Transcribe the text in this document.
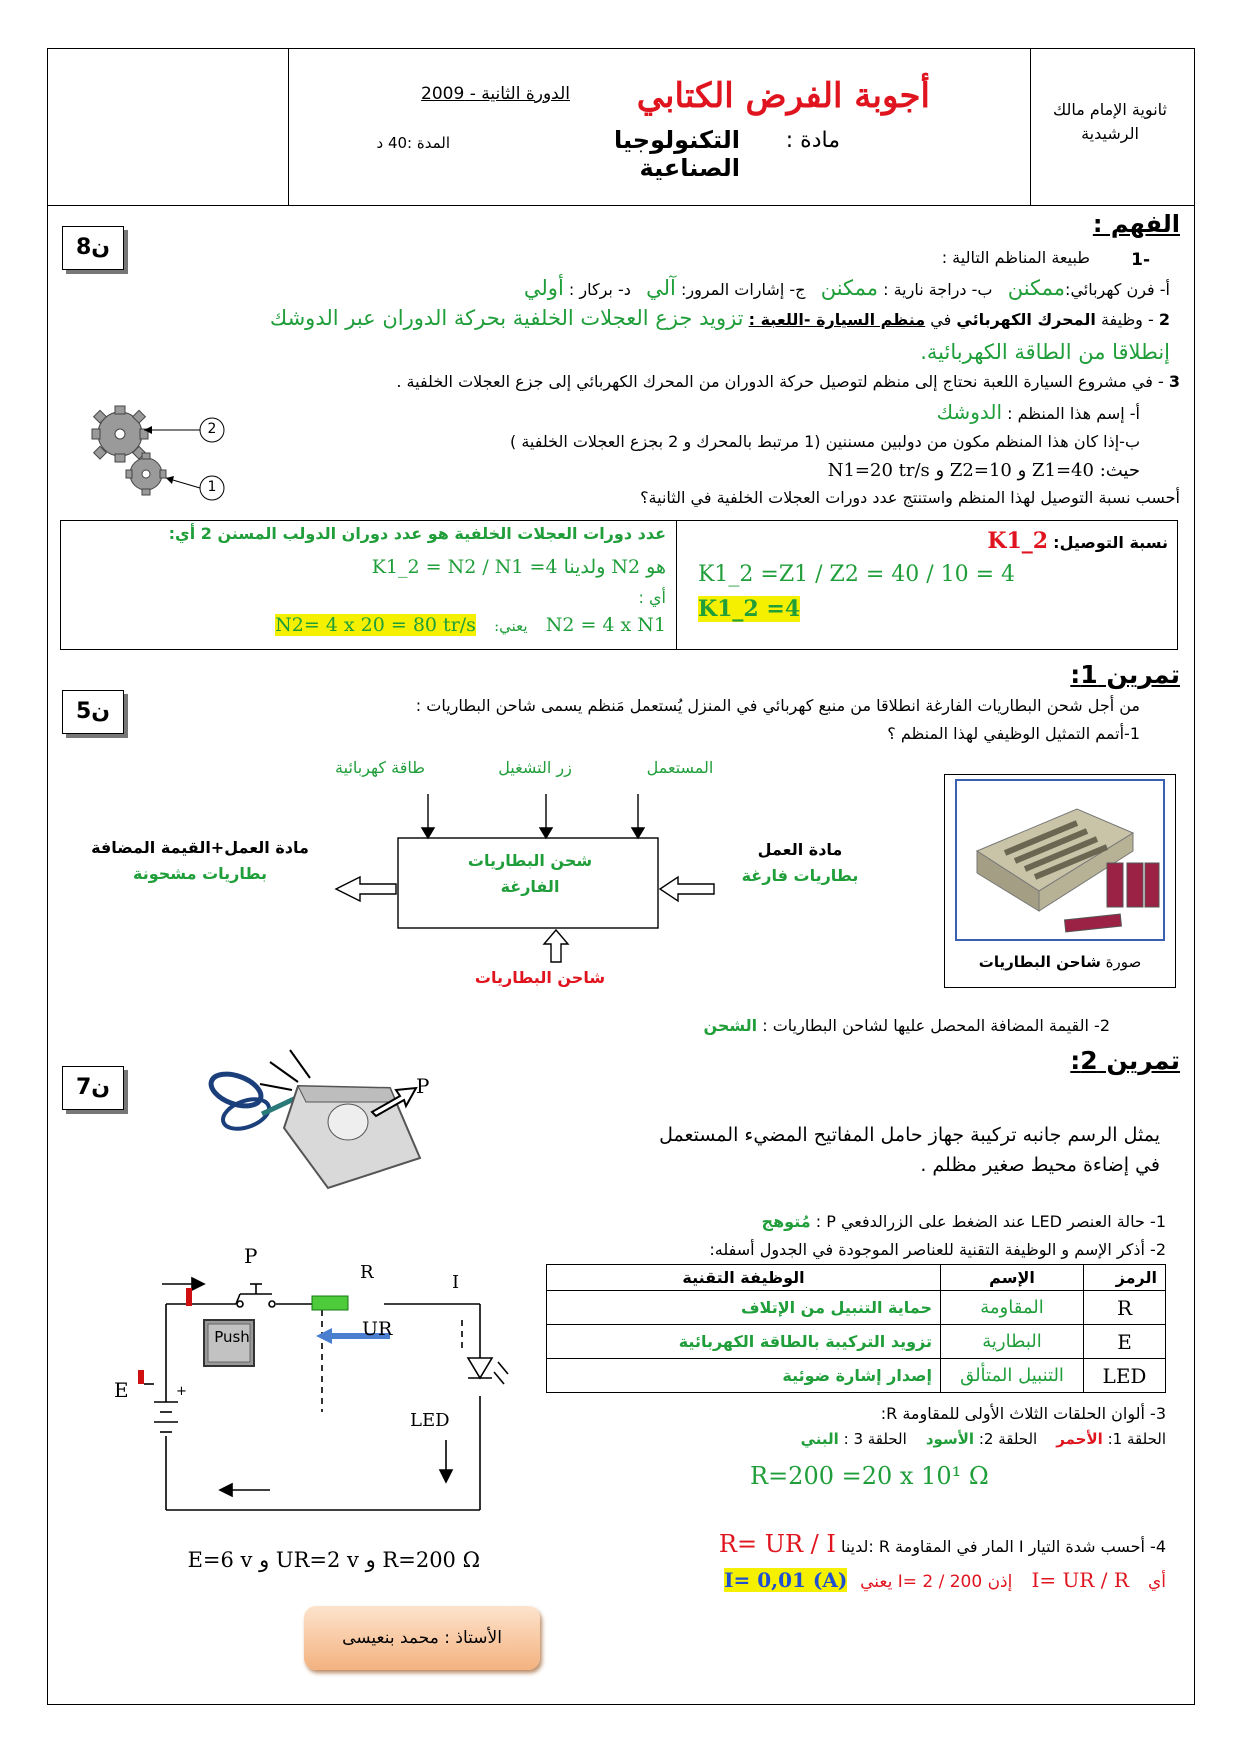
ثانوية الإمام مالك
الرشيدية
أجوبة الفرض الكتابي
الدورة الثانية - 2009
مادة :
التكنولوجيا الصناعية
المدة :40 د
الفهم :
8ن	-1
طبيعة المناظم التالية :
أ- فرن كهربائي:ممكنن   ب- دراجة نارية : ممكنن   ج- إشارات المرور: آلي   د- بركار : أولي
2 - وظيفة المحرك الكهربائي في منظم السيارة -اللعبة : تزويد جزع العجلات الخلفية بحركة الدوران عبر الدوشك
إنطلاقا من الطاقة الكهربائية.
3 - في مشروع السيارة اللعبة نحتاج إلى منظم لتوصيل حركة الدوران من المحرك الكهربائي إلى جزع العجلات الخلفية .
أ- إسم هذا المنظم : الدوشك
ب-إذا كان هذا المنظم مكون من دولبين مسننين (1 مرتبط بالمحرك و 2 بجزع العجلات الخلفية )
حيث: Z1=40 و Z2=10 و N1=20 tr/s
أحسب نسبة التوصيل لهذا المنظم واستنتج عدد دورات العجلات الخلفية في الثانية؟
2
1
نسبة التوصيل: K1_2
K1_2 =Z1 / Z2 = 40 / 10 = 4
K1_2 =4
عدد دورات العجلات الخلفية هو عدد دوران الدولب المسنن 2 أي:
هو N2 ولدينا 4= K1_2 = N2 / N1
أي :
N2 = 4 x N1   يعني:   N2= 4 x 20 = 80 tr/s
تمرين 1:
5ن	من أجل شحن البطاريات الفارغة انطلاقا من منبع كهربائي في المنزل يُستعمل مَنظم يسمى شاحن البطاريات :
1-أتمم التمثيل الوظيفي لهذا المنظم ؟
طاقة كهربائية	زر التشغيل	المستعمل
شحن البطاريات
الفارغة
مادة العمل+القيمة المضافة
بطاريات مشحونة
مادة العمل
بطاريات فارغة
شاحن البطاريات
صورة شاحن البطاريات
2- القيمة المضافة المحصل عليها لشاحن البطاريات : الشحن
تمرين 2:
7ن	P
يمثل الرسم جانبه تركيبة جهاز حامل المفاتيح المضيء المستعمل
في إضاءة محيط صغير مظلم .
1- حالة العنصر LED عند الضغط على الزرالدفعي P : مُتوهج
2- أذكر الإسم و الوظيفة التقنية للعناصر الموجودة في الجدول أسفله:
الرمز	الإسم	الوظيفة التقنية
R	المقاومة	حماية التنبيل من الإتلاف
E	البطارية	تزويد التركيبة بالطاقة الكهربائية
LED	التنبيل المتألق	إصدار إشارة ضوئية
3- ألوان الحلقات الثلاث الأولى للمقاومة R:
الحلقة 1: الأحمر    الحلقة 2: الأسود    الحلقة 3 : البني
R=200 =20 x 10¹ Ω
4- أحسب شدة التيار I المار في المقاومة R :لدينا R= UR / I
أي   I= UR / R   إذن I= 2 / 200 يعني  I= 0,01 (A)
Push
P
R	I
UR
E	+
LED
R=200 Ω و UR=2 v و E=6 v
الأستاذ : محمد بنعيسى
